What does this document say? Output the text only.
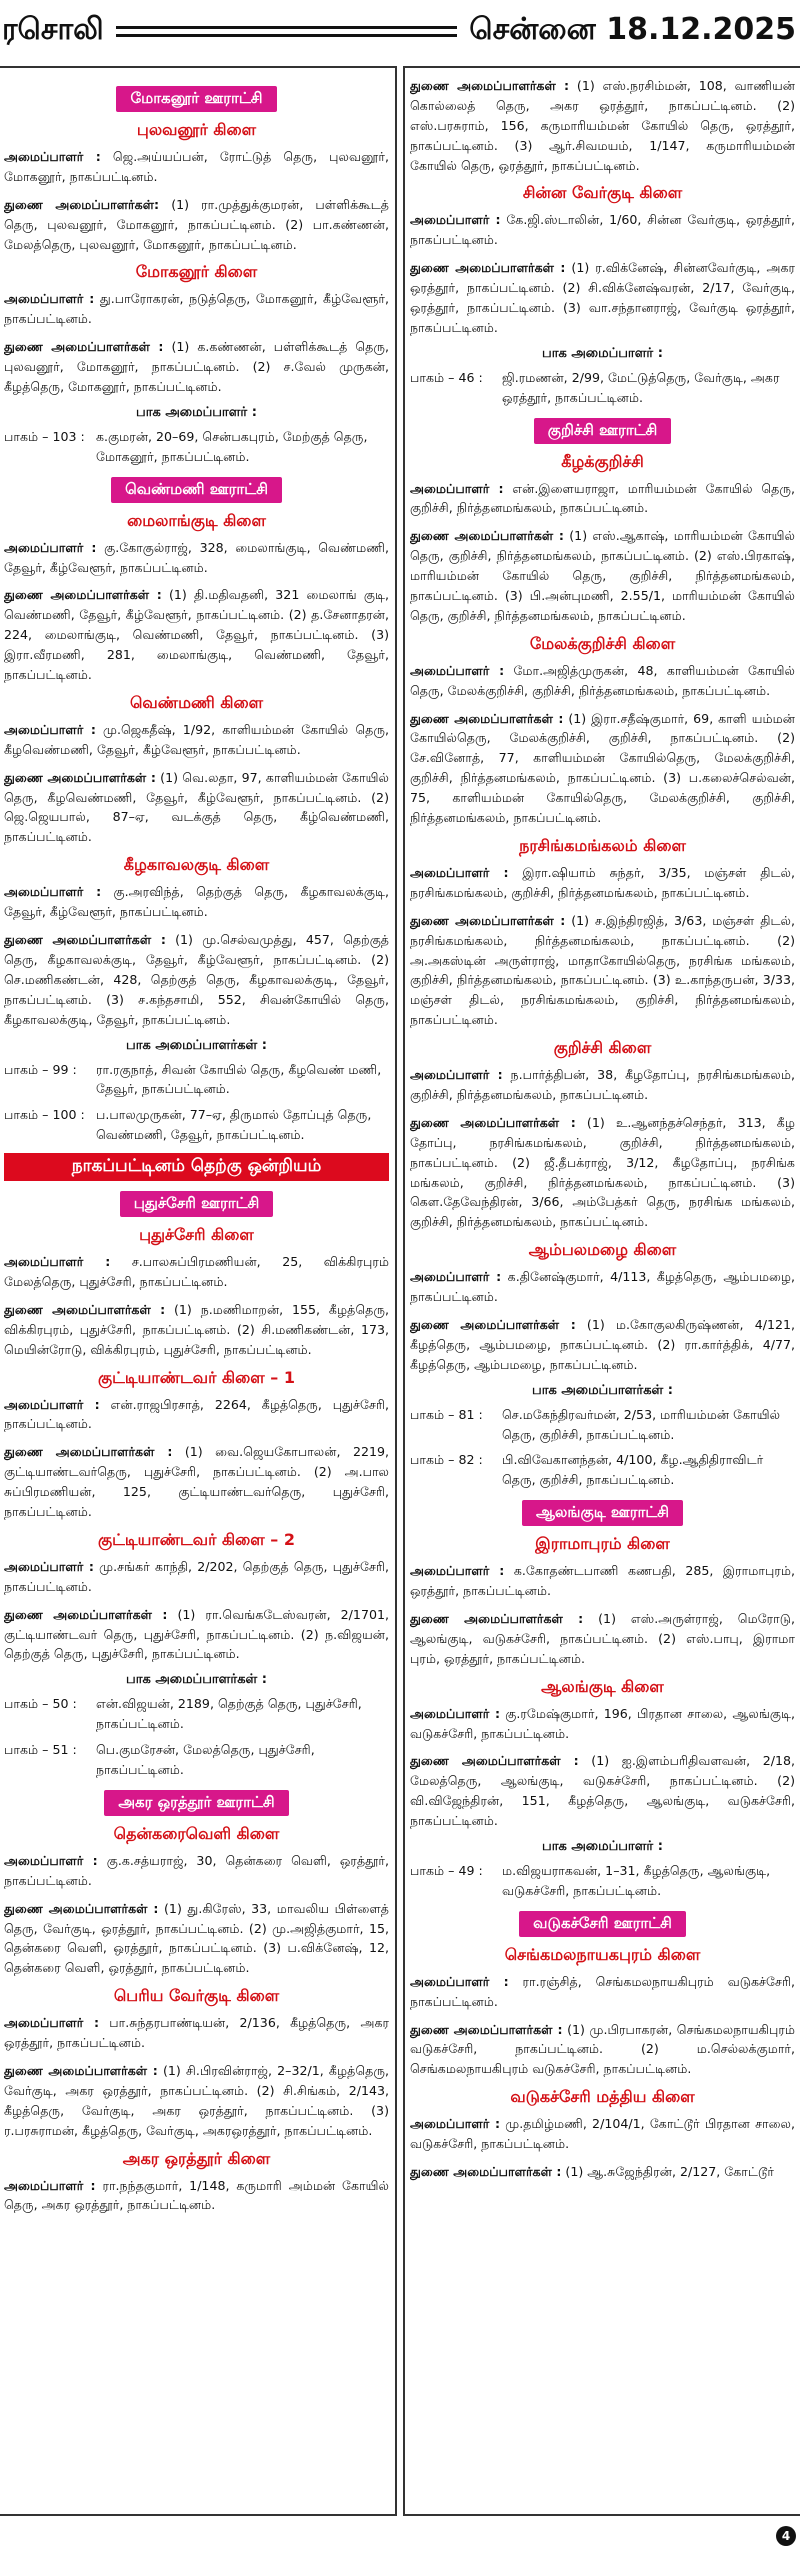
ரசொலி	சென்னை 18.12.2025
மோகனூர் ஊராட்சி
புலவனூர் கிளை

அமைப்பாளர் : ஜெ.அய்யப்பன், ரோட்டுத் தெரு, புலவனூர், மோகனூர், நாகப்பட்டினம்.

துணை அமைப்பாளர்கள்: (1) ரா.முத்துக்குமரன், பள்ளிக்கூடத் தெரு, புலவனூர், மோகனூர், நாகப்பட்டினம். (2) பா.கண்ணன், மேலத்தெரு, புலவனூர், மோகனூர், நாகப்பட்டினம்.

மோகனூர் கிளை

அமைப்பாளர் : து.பாரோகரன், நடுத்தெரு, மோகனூர், கீழ்வேளூர், நாகப்பட்டினம்.

துணை அமைப்பாளர்கள் : (1) க.கண்ணன், பள்ளிக்கூடத் தெரு, புலவனூர், மோகனூர், நாகப்பட்டினம். (2) ச.வேல் முருகன், கீழத்தெரு, மோகனூர், நாகப்பட்டினம்.

பாக அமைப்பாளர் :
பாகம் – 103 : க.குமரன், 20–69, சென்பகபுரம், மேற்குத் தெரு, மோகனூர், நாகப்பட்டினம்.
வெண்மணி ஊராட்சி
மைலாங்குடி கிளை

அமைப்பாளர் : கு.கோகுல்ராஜ், 328, மைலாங்குடி, வெண்மணி, தேவூர், கீழ்வேளூர், நாகப்பட்டினம்.

துணை அமைப்பாளர்கள் : (1) தி.மதிவதனி, 321 மைலாங் குடி, வெண்மணி, தேவூர், கீழ்வேளூர், நாகப்பட்டினம். (2) த.சேனாதரன், 224, மைலாங்குடி, வெண்மணி, தேவூர், நாகப்பட்டினம். (3) இரா.வீரமணி, 281, மைலாங்குடி, வெண்மணி, தேவூர், நாகப்பட்டினம்.

வெண்மணி கிளை

அமைப்பாளர் : மு.ஜெகதீஷ், 1/92, காளியம்மன் கோயில் தெரு, கீழவெண்மணி, தேவூர், கீழ்வேளூர், நாகப்பட்டினம்.

துணை அமைப்பாளர்கள் : (1) வெ.லதா, 97, காளியம்மன் கோயில் தெரு, கீழவெண்மணி, தேவூர், கீழ்வேளூர், நாகப்பட்டினம். (2) ஜெ.ஜெயபால், 87–ஏ, வடக்குத் தெரு, கீழ்வெண்மணி, நாகப்பட்டினம்.

கீழகாவலகுடி கிளை

அமைப்பாளர் : கு.அரவிந்த், தெற்குத் தெரு, கீழகாவலக்குடி, தேவூர், கீழ்வேளூர், நாகப்பட்டினம்.

துணை அமைப்பாளர்கள் : (1) மு.செல்வமுத்து, 457, தெற்குத் தெரு, கீழகாவலக்குடி, தேவூர், கீழ்வேளூர், நாகப்பட்டினம். (2) செ.மணிகண்டன், 428, தெற்குத் தெரு, கீழகாவலக்குடி, தேவூர், நாகப்பட்டினம். (3) ச.கந்தசாமி, 552, சிவன்கோயில் தெரு, கீழகாவலக்குடி, தேவூர், நாகப்பட்டினம்.

பாக அமைப்பாளர்கள் :
பாகம் – 99 :	ரா.ரகுநாத், சிவன் கோயில் தெரு, கீழவெண் மணி, தேவூர், நாகப்பட்டினம்.
பாகம் – 100 : ப.பாலமுருகன், 77–ஏ, திருமால் தோப்புத் தெரு, வெண்மணி, தேவூர், நாகப்பட்டினம்.
நாகப்பட்டினம் தெற்கு ஒன்றியம்
புதுச்சேரி ஊராட்சி
புதுச்சேரி கிளை

அமைப்பாளர் : ச.பாலசுப்பிரமணியன், 25, விக்கிரபுரம் மேலத்தெரு, புதுச்சேரி, நாகப்பட்டினம்.

துணை அமைப்பாளர்கள் : (1) ந.மணிமாறன், 155, கீழத்தெரு, விக்கிரபுரம், புதுச்சேரி, நாகப்பட்டினம். (2) சி.மணிகண்டன், 173, மெயின்ரோடு, விக்கிரபுரம், புதுச்சேரி, நாகப்பட்டினம்.

குட்டியாண்டவர் கிளை – 1

அமைப்பாளர் : என்.ராஜபிரசாத், 2264, கீழத்தெரு, புதுச்சேரி, நாகப்பட்டினம்.

துணை அமைப்பாளர்கள் : (1) வை.ஜெயகோபாலன், 2219, குட்டியாண்டவர்தெரு, புதுச்சேரி, நாகப்பட்டினம். (2) அ.பால சுப்பிரமணியன், 125, குட்டியாண்டவர்தெரு, புதுச்சேரி, நாகப்பட்டினம்.

குட்டியாண்டவர் கிளை – 2

அமைப்பாளர் : மு.சங்கர் காந்தி, 2/202, தெற்குத் தெரு, புதுச்சேரி, நாகப்பட்டினம்.

துணை அமைப்பாளர்கள் : (1) ரா.வெங்கடேஸ்வரன், 2/1701, குட்டியாண்டவர் தெரு, புதுச்சேரி, நாகப்பட்டினம். (2) ந.விஜயன், தெற்குத் தெரு, புதுச்சேரி, நாகப்பட்டினம்.

பாக அமைப்பாளர்கள் :
பாகம் – 50 :	என்.விஜயன், 2189, தெற்குத் தெரு, புதுச்சேரி, நாகப்பட்டினம்.
பாகம் – 51 :	பெ.குமரேசன், மேலத்தெரு, புதுச்சேரி, நாகப்பட்டினம்.
அகர ஒரத்தூர் ஊராட்சி
தென்கரைவெளி கிளை

அமைப்பாளர் : கு.க.சத்யராஜ், 30, தென்கரை வெளி, ஒரத்தூர், நாகப்பட்டினம்.

துணை அமைப்பாளர்கள் : (1) து.கிரேஸ், 33, மாவலிய பிள்ளைத் தெரு, வேர்குடி, ஒரத்தூர், நாகப்பட்டினம். (2) மு.அஜித்குமார், 15, தென்கரை வெளி, ஒரத்தூர், நாகப்பட்டினம். (3) ப.விக்னேஷ், 12, தென்கரை வெளி, ஒரத்தூர், நாகப்பட்டினம்.

பெரிய வேர்குடி கிளை

அமைப்பாளர் : பா.சுந்தரபாண்டியன், 2/136, கீழத்தெரு, அகர ஒரத்தூர், நாகப்பட்டினம்.

துணை அமைப்பாளர்கள் : (1) சி.பிரவின்ராஜ், 2–32/1, கீழத்தெரு, வேர்குடி, அகர ஒரத்தூர், நாகப்பட்டினம். (2) சி.சிங்கம், 2/143, கீழத்தெரு, வேர்குடி, அகர ஒரத்தூர், நாகப்பட்டினம். (3) ர.பரசுராமன், கீழத்தெரு, வேர்குடி, அகரஒரத்தூர், நாகப்பட்டினம்.

அகர ஒரத்தூர் கிளை

அமைப்பாளர் : ரா.நந்தகுமார், 1/148, கருமாரி அம்மன் கோயில் தெரு, அகர ஒரத்தூர், நாகப்பட்டினம்.

துணை அமைப்பாளர்கள் : (1) எஸ்.நரசிம்மன், 108, வாணியன் கொல்லைத் தெரு, அகர ஒரத்தூர், நாகப்பட்டினம். (2) எஸ்.பரசுராம், 156, கருமாரியம்மன் கோயில் தெரு, ஒரத்தூர், நாகப்பட்டினம். (3) ஆர்.சிவமயம், 1/147, கருமாரியம்மன் கோயில் தெரு, ஒரத்தூர், நாகப்பட்டினம்.

சின்ன வேர்குடி கிளை

அமைப்பாளர் : கே.ஜி.ஸ்டாலின், 1/60, சின்ன வேர்குடி, ஒரத்தூர், நாகப்பட்டினம்.

துணை அமைப்பாளர்கள் : (1) ர.விக்னேஷ், சின்னவேர்குடி, அகர ஒரத்தூர், நாகப்பட்டினம். (2) சி.விக்னேஷ்வரன், 2/17, வேர்குடி, ஒரத்தூர், நாகப்பட்டினம். (3) வா.சந்தானராஜ், வேர்குடி ஒரத்தூர், நாகப்பட்டினம்.

பாக அமைப்பாளர் :
பாகம் – 46 :	ஜி.ரமணன், 2/99, மேட்டுத்தெரு, வேர்குடி, அகர ஒரத்தூர், நாகப்பட்டினம்.
குறிச்சி ஊராட்சி
கீழக்குறிச்சி

அமைப்பாளர் : என்.இளையராஜா, மாரியம்மன் கோயில் தெரு, குறிச்சி, நிர்த்தனமங்கலம், நாகப்பட்டினம்.

துணை அமைப்பாளர்கள் : (1) எஸ்.ஆகாஷ், மாரியம்மன் கோயில் தெரு, குறிச்சி, நிர்த்தனமங்கலம், நாகப்பட்டினம். (2) எஸ்.பிரகாஷ், மாரியம்மன் கோயில் தெரு, குறிச்சி, நிர்த்தனமங்கலம், நாகப்பட்டினம். (3) பி.அன்புமணி, 2.55/1, மாரியம்மன் கோயில் தெரு, குறிச்சி, நிர்த்தனமங்கலம், நாகப்பட்டினம்.

மேலக்குறிச்சி கிளை

அமைப்பாளர் : மோ.அஜித்முருகன், 48, காளியம்மன் கோயில் தெரு, மேலக்குறிச்சி, குறிச்சி, நிர்த்தனமங்கலம், நாகப்பட்டினம்.

துணை அமைப்பாளர்கள் : (1) இரா.சதீஷ்குமார், 69, காளி யம்மன் கோயில்தெரு, மேலக்குறிச்சி, குறிச்சி, நாகப்பட்டினம். (2) சே.வினோத், 77, காளியம்மன் கோயில்தெரு, மேலக்குறிச்சி, குறிச்சி, நிர்த்தனமங்கலம், நாகப்பட்டினம். (3) ப.கலைச்செல்வன், 75, காளியம்மன் கோயில்தெரு, மேலக்குறிச்சி, குறிச்சி, நிர்த்தனமங்கலம், நாகப்பட்டினம்.

நரசிங்கமங்கலம் கிளை

அமைப்பாளர் : இரா.ஷியாம் சுந்தர், 3/35, மஞ்சள் திடல், நரசிங்கமங்கலம், குறிச்சி, நிர்த்தனமங்கலம், நாகப்பட்டினம்.

துணை அமைப்பாளர்கள் : (1) ச.இந்திரஜித், 3/63, மஞ்சள் திடல், நரசிங்கமங்கலம், நிர்த்தனமங்கலம், நாகப்பட்டினம். (2) அ.அகஸ்டின் அருள்ராஜ், மாதாகோயில்தெரு, நரசிங்க மங்கலம், குறிச்சி, நிர்த்தனமங்கலம், நாகப்பட்டினம். (3) உ.காந்தருபன், 3/33, மஞ்சள் திடல், நரசிங்கமங்கலம், குறிச்சி, நிர்த்தனமங்கலம், நாகப்பட்டினம்.

குறிச்சி கிளை

அமைப்பாளர் : ந.பார்த்திபன், 38, கீழதோப்பு, நரசிங்கமங்கலம், குறிச்சி, நிர்த்தனமங்கலம், நாகப்பட்டினம்.

துணை அமைப்பாளர்கள் : (1) உ.ஆனந்தச்செந்தர், 313, கீழ தோப்பு, நரசிங்கமங்கலம், குறிச்சி, நிர்த்தனமங்கலம், நாகப்பட்டினம். (2) ஜீ.தீபக்ராஜ், 3/12, கீழதோப்பு, நரசிங்க மங்கலம், குறிச்சி, நிர்த்தனமங்கலம், நாகப்பட்டினம். (3) கௌ.தேவேந்திரன், 3/66, அம்பேத்கர் தெரு, நரசிங்க மங்கலம், குறிச்சி, நிர்த்தனமங்கலம், நாகப்பட்டினம்.

ஆம்பலமழை கிளை

அமைப்பாளர் : க.தினேஷ்குமார், 4/113, கீழத்தெரு, ஆம்பமழை, நாகப்பட்டினம்.

துணை அமைப்பாளர்கள் : (1) ம.கோகுலகிருஷ்ணன், 4/121, கீழத்தெரு, ஆம்பமழை, நாகப்பட்டினம். (2) ரா.கார்த்திக், 4/77, கீழத்தெரு, ஆம்பமழை, நாகப்பட்டினம்.

பாக அமைப்பாளர்கள் :
பாகம் – 81 :	செ.மகேந்திரவர்மன், 2/53, மாரியம்மன் கோயில் தெரு, குறிச்சி, நாகப்பட்டினம்.
பாகம் – 82 :	பி.விவேகானந்தன், 4/100, கீழ.ஆதிதிராவிடர் தெரு, குறிச்சி, நாகப்பட்டினம்.
ஆலங்குடி ஊராட்சி
இராமாபுரம் கிளை

அமைப்பாளர் : க.கோதண்டபாணி கணபதி, 285, இராமாபுரம், ஒரத்தூர், நாகப்பட்டினம்.

துணை அமைப்பாளர்கள் : (1) எஸ்.அருள்ராஜ், மெரோடு, ஆலங்குடி, வடுகச்சேரி, நாகப்பட்டினம். (2) எஸ்.பாபு, இராமா புரம், ஒரத்தூர், நாகப்பட்டினம்.

ஆலங்குடி கிளை

அமைப்பாளர் : கு.ரமேஷ்குமார், 196, பிரதான சாலை, ஆலங்குடி, வடுகச்சேரி, நாகப்பட்டினம்.

துணை அமைப்பாளர்கள் : (1) ஐ.இளம்பரிதிவளவன், 2/18, மேலத்தெரு, ஆலங்குடி, வடுகச்சேரி, நாகப்பட்டினம். (2) வி.விஜேந்திரன், 151, கீழத்தெரு, ஆலங்குடி, வடுகச்சேரி, நாகப்பட்டினம்.

பாக அமைப்பாளர் :
பாகம் – 49 :	ம.விஜயராகவன், 1–31, கீழத்தெரு, ஆலங்குடி, வடுகச்சேரி, நாகப்பட்டினம்.
வடுகச்சேரி ஊராட்சி
செங்கமலநாயகபுரம் கிளை

அமைப்பாளர் : ரா.ரஞ்சித், செங்கமலநாயகிபுரம் வடுகச்சேரி, நாகப்பட்டினம்.

துணை அமைப்பாளர்கள் : (1) மு.பிரபாகரன், செங்கமலநாயகிபுரம் வடுகச்சேரி, நாகப்பட்டினம். (2) ம.செல்லக்குமார், செங்கமலநாயகிபுரம் வடுகச்சேரி, நாகப்பட்டினம்.

வடுகச்சேரி மத்திய கிளை

அமைப்பாளர் : மு.தமிழ்மணி, 2/104/1, கோட்டூர் பிரதான சாலை, வடுகச்சேரி, நாகப்பட்டினம்.

துணை அமைப்பாளர்கள் : (1) ஆ.சுஜேந்திரன், 2/127, கோட்டூர்

4
